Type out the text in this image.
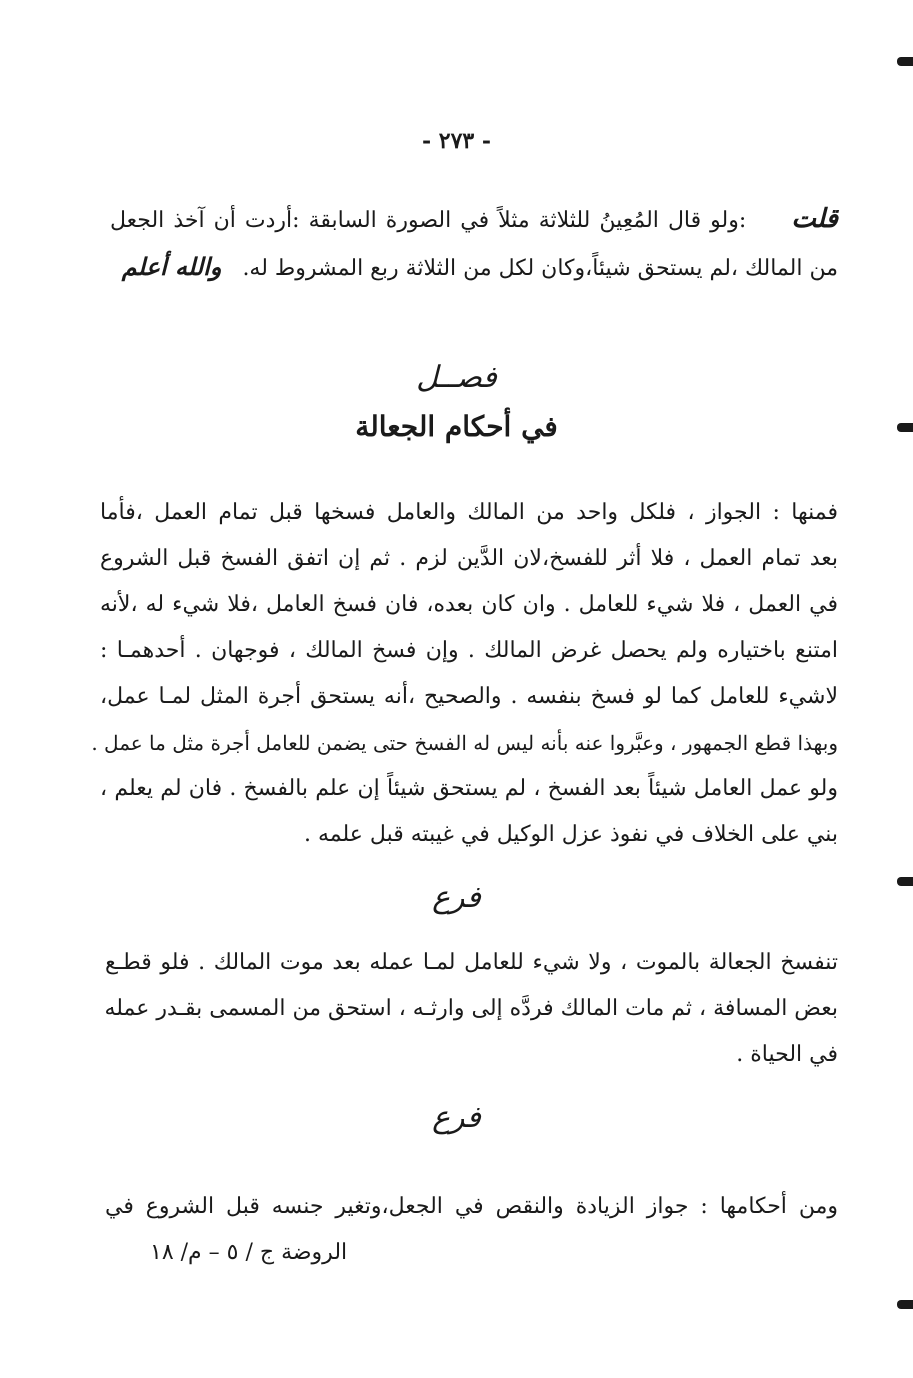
- ٢٧٣ -
قلت     :ولو قال المُعِينُ للثلاثة مثلاً في الصورة السابقة :أردت أن آخذ الجعل
من المالك ،لم يستحق شيئاً،وكان لكل من الثلاثة ربع المشروط له.   والله أعلم
فصــل
في أحكام الجعالة
فمنها : الجواز ، فلكل واحد من المالك والعامل فسخها قبل تمام العمل ،فأما
بعد تمام العمل ، فلا أثر للفسخ،لان الدَّين لزم . ثم إن اتفق الفسخ قبل الشروع
في العمل ، فلا شيء للعامل . وان كان بعده، فان فسخ العامل ،فلا شيء له ،لأنه
امتنع باختياره ولم يحصل غرض المالك . وإن فسخ المالك ، فوجهان . أحدهمـا :
لاشيء للعامل كما لو فسخ بنفسه . والصحيح ،أنه يستحق أجرة المثل لمـا عمل،
وبهذا قطع الجمهور ، وعبَّروا عنه بأنه ليس له الفسخ حتى يضمن للعامل أجرة مثل ما عمل .
ولو عمل العامل شيئاً بعد الفسخ ، لم يستحق شيئاً إن علم بالفسخ . فان لم يعلم ،
بني على الخلاف في نفوذ عزل الوكيل في غيبته قبل علمه .
فرع
تنفسخ الجعالة بالموت ، ولا شيء للعامل لمـا عمله بعد موت المالك . فلو قطـع
بعض المسافة ، ثم مات المالك فردَّه إلى وارثـه ، استحق من المسمى بقـدر عمله
في الحياة .
فرع
ومن أحكامها : جواز الزيادة والنقص في الجعل،وتغير جنسه قبل الشروع في
الروضة ج / ٥ – م/ ١٨
